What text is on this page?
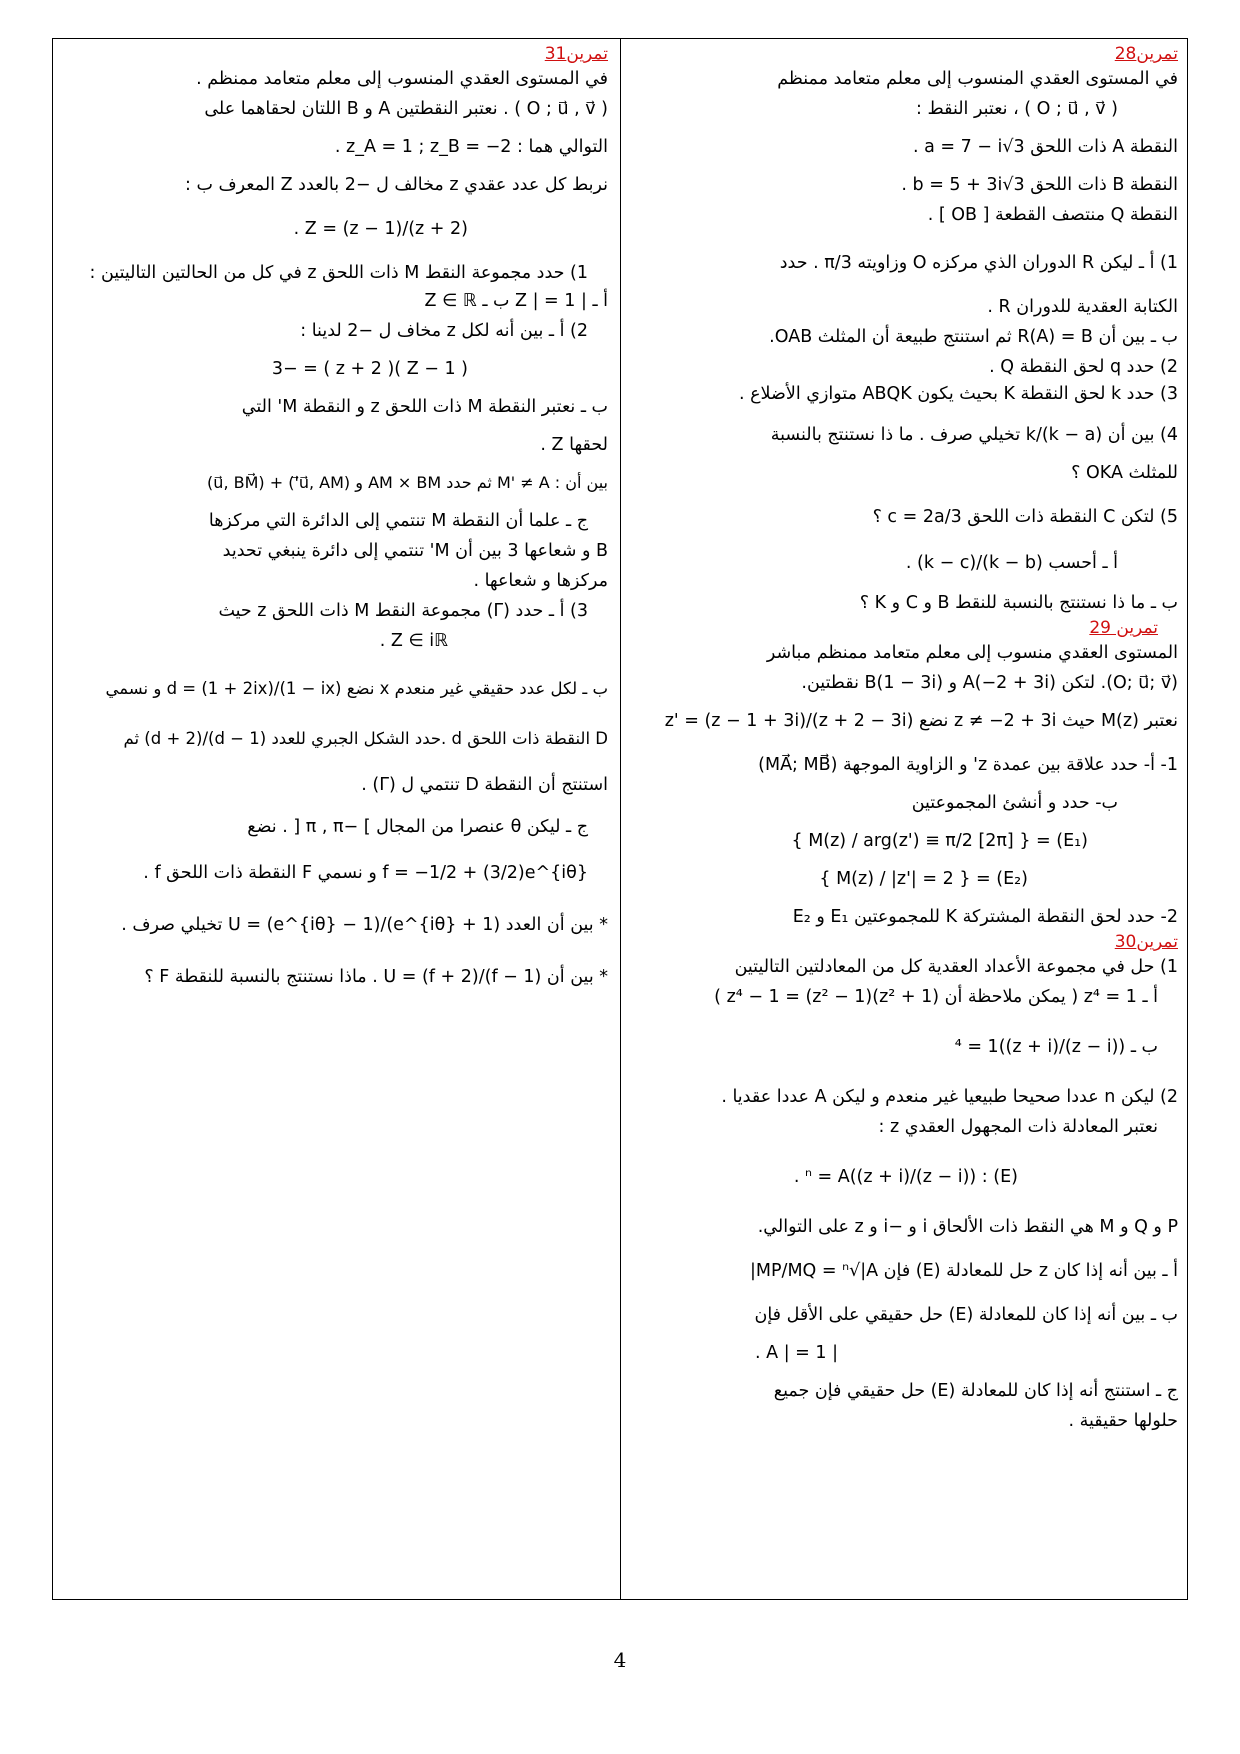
تمرين28
في المستوى العقدي المنسوب إلى معلم متعامد ممنظم
( O ; u⃗ , v⃗ ) ، نعتبر النقط :
النقطة A ذات اللحق a = 7 − i√3 .
النقطة B ذات اللحق b = 5 + 3i√3 .
النقطة Q منتصف القطعة [ OB ] .
1) أ ـ ليكن R الدوران الذي مركزه O وزاويته π/3 . حدد
الكتابة العقدية للدوران R .
ب ـ بين أن R(A) = B ثم استنتج طبيعة أن المثلث OAB.
2) حدد q لحق النقطة Q .
3) حدد k لحق النقطة K بحيث يكون ABQK متوازي الأضلاع .
4) بين أن (k − a)/k تخيلي صرف . ما ذا نستنتج بالنسبة
للمثلث OKA ؟
5) لتكن C النقطة ذات اللحق c = 2a/3 ؟
أ ـ أحسب (k − b)/(k − c) .
ب ـ ما ذا نستنتج بالنسبة للنقط B و C و K ؟
تمرين 29
المستوى العقدي منسوب إلى معلم متعامد ممنظم مباشر
(O; u⃗; v⃗). لتكن A(−2 + 3i) و B(1 − 3i) نقطتين.
نعتبر M(z) حيث z ≠ −2 + 3i نضع z' = (z − 1 + 3i)/(z + 2 − 3i)
1- أ- حدد علاقة بين عمدة z' و الزاوية الموجهة (MA⃗; MB⃗)
ب- حدد و أنشئ المجموعتين
(E₁) = { M(z) / arg(z') ≡ π/2 [2π] }
(E₂) = { M(z) / |z'| = 2 }
2- حدد لحق النقطة المشتركة K للمجموعتين E₁ و E₂
تمرين30
1) حل في مجموعة الأعداد العقدية كل من المعادلتين التاليتين
أ ـ z⁴ = 1 ( يمكن ملاحظة أن z⁴ − 1 = (z² − 1)(z² + 1) )
ب ـ ((z − i)/(z + i))⁴ = 1
2) ليكن n عددا صحيحا طبيعيا غير منعدم و ليكن A عددا عقديا .
نعتبر المعادلة ذات المجهول العقدي z :
(E) : ((z − i)/(z + i))ⁿ = A .
P و Q و M هي النقط ذات الألحاق i و −i و z على التوالي.
أ ـ بين أنه إذا كان z حل للمعادلة (E) فإن MP/MQ = ⁿ√|A|
ب ـ بين أنه إذا كان للمعادلة (E) حل حقيقي على الأقل فإن
| A | = 1 .
ج ـ استنتج أنه إذا كان للمعادلة (E) حل حقيقي فإن جميع
حلولها حقيقية .
تمرين31
في المستوى العقدي المنسوب إلى معلم متعامد ممنظم .
( O ; u⃗ , v⃗ ) . نعتبر النقطتين A و B اللتان لحقاهما على
التوالي هما : z_A = 1 ; z_B = −2 .
نربط كل عدد عقدي z مخالف ل −2 بالعدد Z المعرف ب :
Z = (z − 1)/(z + 2) .
1) حدد مجموعة النقط M ذات اللحق z في كل من الحالتين التاليتين :
أ ـ | Z | = 1 ب ـ Z ∈ ℝ
2) أ ـ بين أنه لكل z مخاف ل −2 لدينا :
( Z − 1 )( z + 2 ) = −3
ب ـ نعتبر النقطة M ذات اللحق z و النقطة M' التي
لحقها Z .
بين أن : M' ≠ A ثم حدد AM × BM و (u⃗, AM'⃗) + (u⃗, BM⃗)
ج ـ علما أن النقطة M تنتمي إلى الدائرة التي مركزها
B و شعاعها 3 بين أن M' تنتمي إلى دائرة ينبغي تحديد
مركزها و شعاعها .
3) أ ـ حدد (Γ) مجموعة النقط M ذات اللحق z حيث
Z ∈ iℝ .
ب ـ لكل عدد حقيقي غير منعدم x نضع d = (1 + 2ix)/(1 − ix) و نسمي
D النقطة ذات اللحق d .حدد الشكل الجبري للعدد (d − 1)/(d + 2) ثم
استنتج أن النقطة D تنتمي ل (Γ) .
ج ـ ليكن θ عنصرا من المجال ] −π , π [ . نضع
f = −1/2 + (3/2)e^{iθ} و نسمي F النقطة ذات اللحق f .
* بين أن العدد U = (e^{iθ} − 1)/(e^{iθ} + 1) تخيلي صرف .
* بين أن (f − 1)/(f + 2) = U . ماذا نستنتج بالنسبة للنقطة F ؟
4
